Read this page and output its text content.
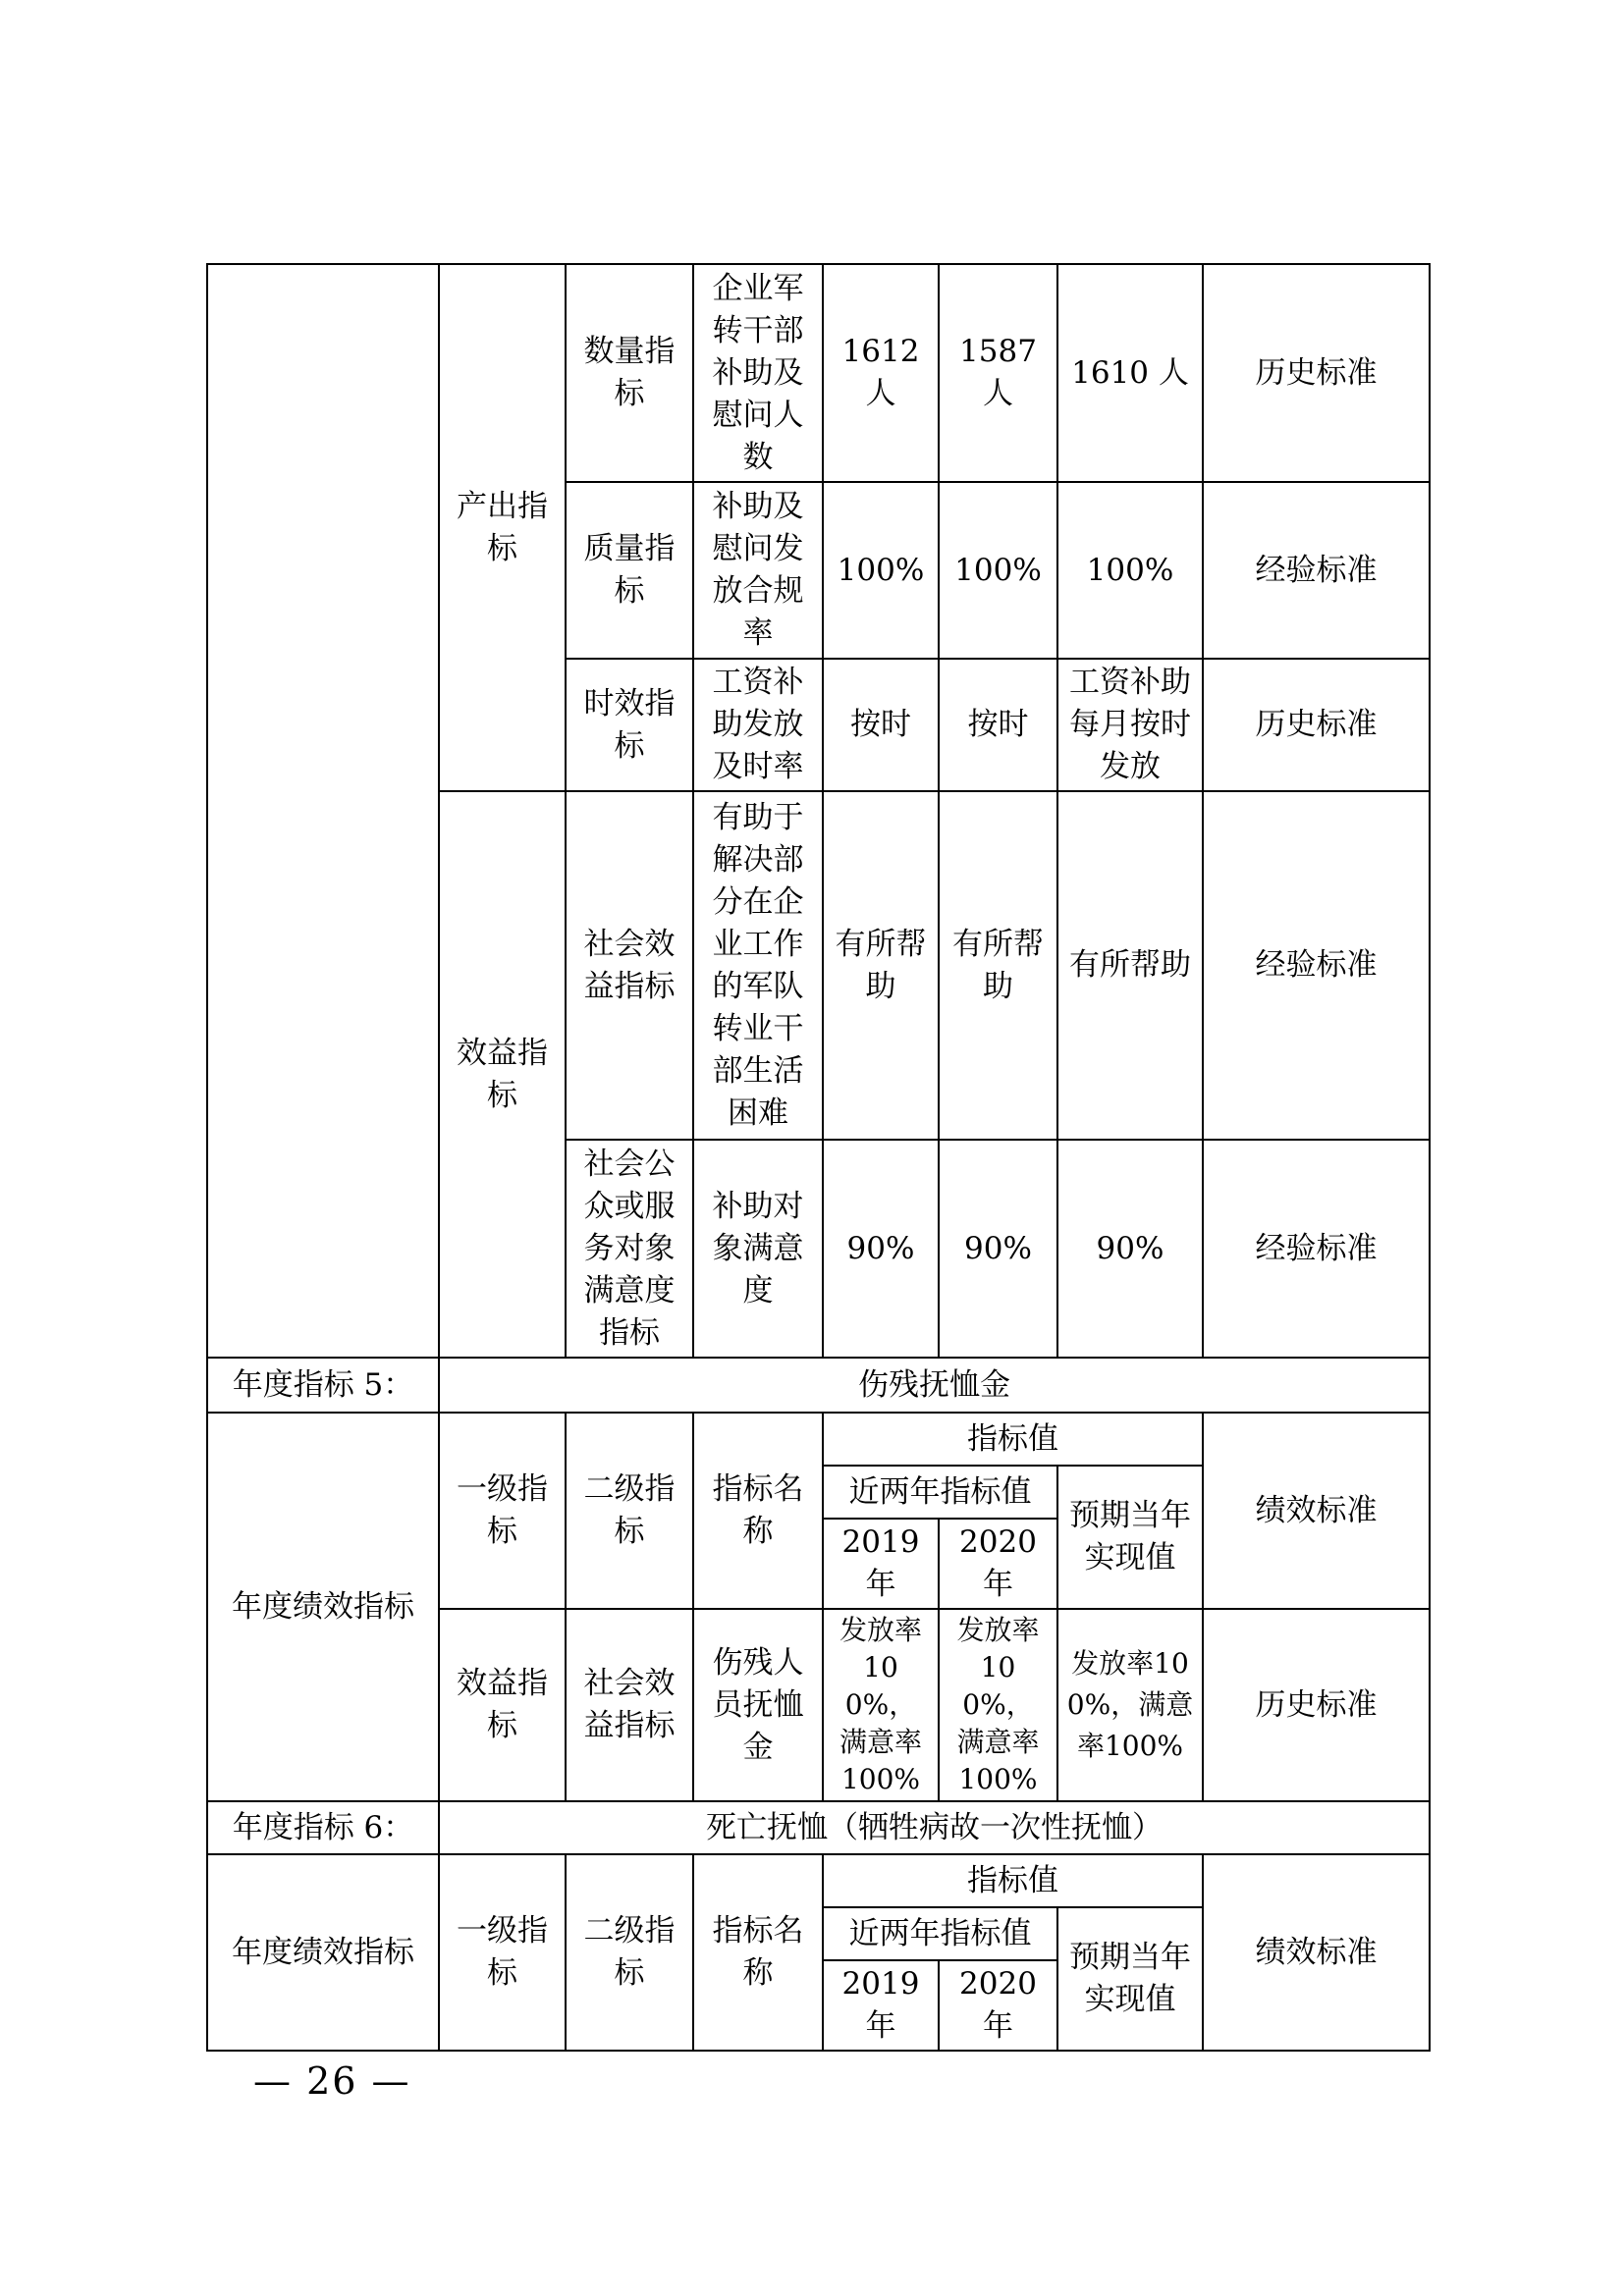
	产出指标	数量指标	企业军转干部补助及慰问人数	1612 人	1587 人	1610 人	历史标准

		质量指标	补助及慰问发放合规率	100%	100%	100%	经验标准

		时效指标	工资补助发放及时率	按时	按时	工资补助每月按时发放	历史标准

	效益指标	社会效益指标	有助于解决部分在企业工作的军队转业干部生活困难	有所帮助	有所帮助	有所帮助	经验标准

		社会公众或服务对象满意度指标	补助对象满意度	90%	90%	90%	经验标准
年度指标 5：	伤残抚恤金						
年度绩效指标	一级指标	二级指标	指标名称	指标值			绩效标准
				近两年指标值		预期当年实现值	

				2019 年	2020 年		

	效益指标	社会效益指标	伤残人员抚恤金	发放率100%，满意率100%	发放率100%，满意率100%	发放率100%，满意率100%	历史标准
年度指标 6：	死亡抚恤（牺牲病故一次性抚恤）						
年度绩效指标	一级指标	二级指标	指标名称	指标值			绩效标准
				近两年指标值		预期当年实现值	

				2019 年	2020 年		
— 26 —
